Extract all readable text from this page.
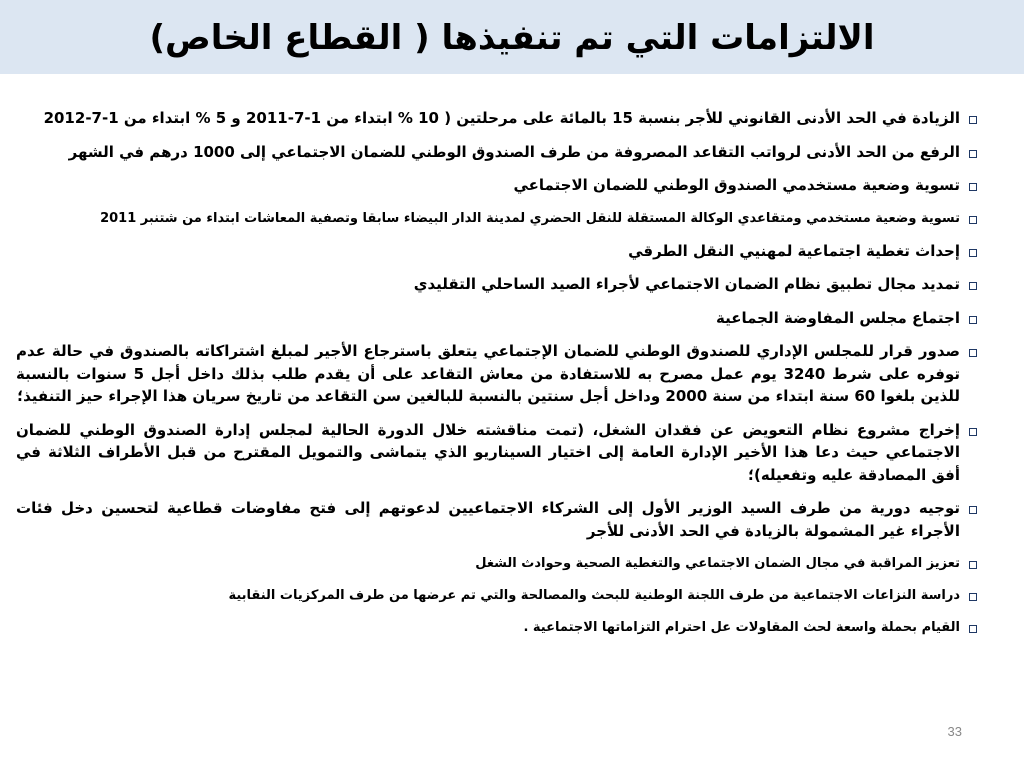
الالتزامات التي تم تنفيذها ( القطاع الخاص)
الزيادة في الحد الأدنى القانوني للأجر بنسبة 15 بالمائة على مرحلتين ( 10 % ابتداء من 1-7-2011 و 5 % ابتداء من 1-7-2012
الرفع من الحد الأدنى لرواتب التقاعد المصروفة من طرف الصندوق الوطني للضمان الاجتماعي إلى 1000 درهم في الشهر
تسوية وضعية مستخدمي الصندوق الوطني للضمان الاجتماعي
تسوية وضعية مستخدمي ومتقاعدي الوكالة المستقلة للنقل الحضري لمدينة الدار البيضاء سابقا وتصفية المعاشات ابتداء من شتنبر 2011
إحداث تغطية اجتماعية لمهنيي النقل الطرقي
تمديد مجال تطبيق نظام الضمان الاجتماعي لأجراء الصيد الساحلي التقليدي
اجتماع مجلس المفاوضة الجماعية
صدور قرار للمجلس الإداري للصندوق الوطني للضمان الإجتماعي يتعلق باسترجاع الأجير لمبلغ اشتراكاته بالصندوق في حالة عدم توفره على شرط 3240 يوم عمل مصرح به للاستفادة من معاش التقاعد على أن يقدم طلب بذلك داخل أجل 5 سنوات بالنسبة للذين بلغوا 60 سنة ابتداء من سنة 2000 وداخل أجل سنتين بالنسبة للبالغين سن التقاعد من تاريخ سريان هذا الإجراء حيز التنفيذ؛
إخراج مشروع نظام التعويض عن فقدان الشغل، (تمت مناقشته خلال الدورة الحالية لمجلس إدارة الصندوق الوطني للضمان الاجتماعي حيث دعا هذا الأخير الإدارة العامة إلى اختيار السيناريو الذي يتماشى والتمويل المقترح من قبل الأطراف الثلاثة في أفق المصادقة عليه وتفعيله)؛
توجيه دورية من طرف السيد الوزير الأول إلى الشركاء الاجتماعيين لدعوتهم إلى فتح مفاوضات قطاعية لتحسين دخل فئات الأجراء غير المشمولة بالزيادة في الحد الأدنى للأجر
تعزيز المراقبة في مجال الضمان الاجتماعي والتغطية الصحية وحوادث الشغل
دراسة النزاعات الاجتماعية من طرف اللجنة الوطنية للبحث والمصالحة والتي تم عرضها من طرف المركزيات النقابية
القيام بحملة واسعة لحث المقاولات عل احترام التزاماتها الاجتماعية .
33
